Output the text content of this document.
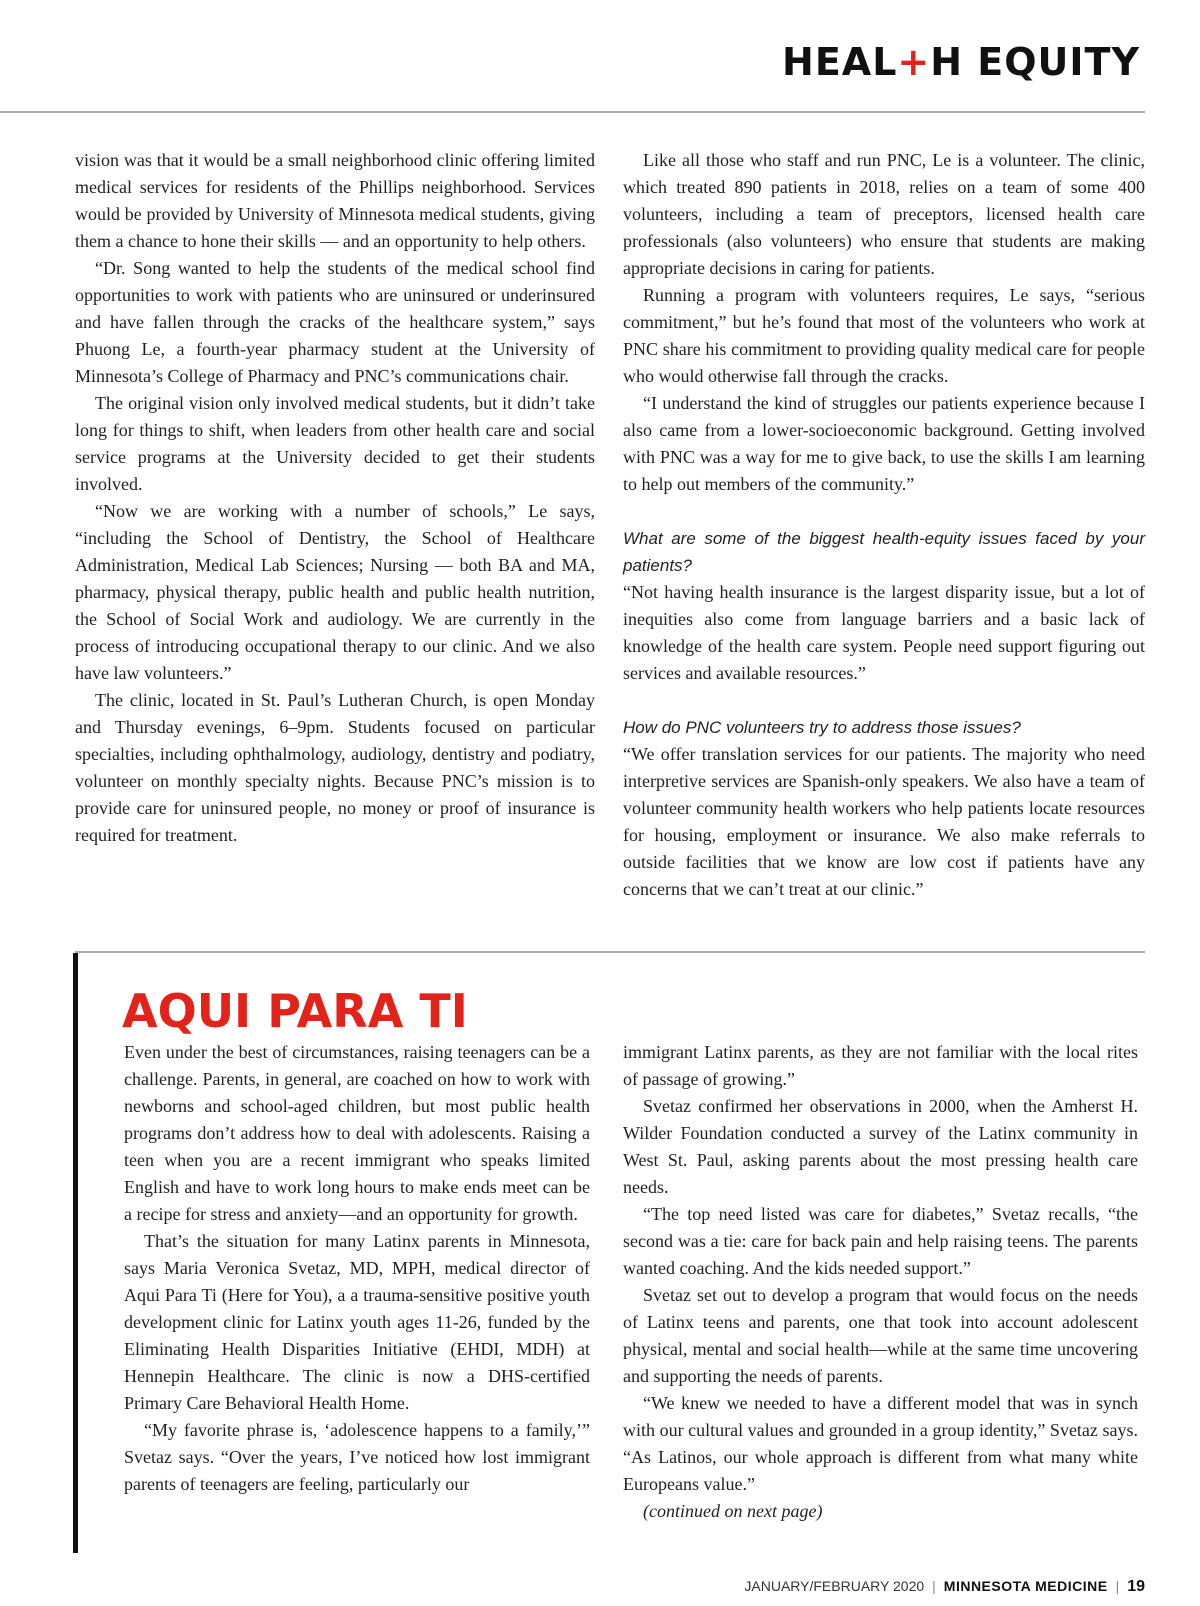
HEAL+H EQUITY

vision was that it would be a small neighborhood clinic offering limited medical services for residents of the Phillips neighborhood. Services would be provided by University of Minnesota medical students, giving them a chance to hone their skills — and an opportunity to help others.

“Dr. Song wanted to help the students of the medical school find opportunities to work with patients who are uninsured or underinsured and have fallen through the cracks of the healthcare system,” says Phuong Le, a fourth-year pharmacy student at the University of Minnesota’s College of Pharmacy and PNC’s communications chair.

The original vision only involved medical students, but it didn’t take long for things to shift, when leaders from other health care and social service programs at the University decided to get their students involved.

“Now we are working with a number of schools,” Le says, “including the School of Dentistry, the School of Healthcare Administration, Medical Lab Sciences; Nursing — both BA and MA, pharmacy, physical therapy, public health and public health nutrition, the School of Social Work and audiology. We are currently in the process of introducing occupational therapy to our clinic. And we also have law volunteers.”

The clinic, located in St. Paul’s Lutheran Church, is open Monday and Thursday evenings, 6–9pm. Students focused on particular specialties, including ophthalmology, audiology, dentistry and podiatry, volunteer on monthly specialty nights. Because PNC’s mission is to provide care for uninsured people, no money or proof of insurance is required for treatment.

Like all those who staff and run PNC, Le is a volunteer. The clinic, which treated 890 patients in 2018, relies on a team of some 400 volunteers, including a team of preceptors, licensed health care professionals (also volunteers) who ensure that students are making appropriate decisions in caring for patients.

Running a program with volunteers requires, Le says, “serious commitment,” but he’s found that most of the volunteers who work at PNC share his commitment to providing quality medical care for people who would otherwise fall through the cracks.

“I understand the kind of struggles our patients experience because I also came from a lower-socioeconomic background. Getting involved with PNC was a way for me to give back, to use the skills I am learning to help out members of the community.”

What are some of the biggest health-equity issues faced by your patients?

“Not having health insurance is the largest disparity issue, but a lot of inequities also come from language barriers and a basic lack of knowledge of the health care system. People need support figuring out services and available resources.”

How do PNC volunteers try to address those issues?

“We offer translation services for our patients. The majority who need interpretive services are Spanish-only speakers. We also have a team of volunteer community health workers who help patients locate resources for housing, employment or insurance. We also make referrals to outside facilities that we know are low cost if patients have any concerns that we can’t treat at our clinic.”

AQUI PARA TI

Even under the best of circumstances, raising teenagers can be a challenge. Parents, in general, are coached on how to work with newborns and school-aged children, but most public health programs don’t address how to deal with adolescents. Raising a teen when you are a recent immigrant who speaks limited English and have to work long hours to make ends meet can be a recipe for stress and anxiety—and an opportunity for growth.

That’s the situation for many Latinx parents in Minnesota, says Maria Veronica Svetaz, MD, MPH, medical director of Aqui Para Ti (Here for You), a a trauma-sensitive positive youth development clinic for Latinx youth ages 11-26, funded by the Eliminating Health Disparities Initiative (EHDI, MDH) at Hennepin Healthcare. The clinic is now a DHS-certified Primary Care Behavioral Health Home.

“My favorite phrase is, ‘adolescence happens to a family,’” Svetaz says. “Over the years, I’ve noticed how lost immigrant parents of teenagers are feeling, particularly our

immigrant Latinx parents, as they are not familiar with the local rites of passage of growing.”

Svetaz confirmed her observations in 2000, when the Amherst H. Wilder Foundation conducted a survey of the Latinx community in West St. Paul, asking parents about the most pressing health care needs.

“The top need listed was care for diabetes,” Svetaz recalls, “the second was a tie: care for back pain and help raising teens. The parents wanted coaching. And the kids needed support.”

Svetaz set out to develop a program that would focus on the needs of Latinx teens and parents, one that took into account adolescent physical, mental and social health—while at the same time uncovering and supporting the needs of parents.

“We knew we needed to have a different model that was in synch with our cultural values and grounded in a group identity,” Svetaz says. “As Latinos, our whole approach is different from what many white Europeans value.”

(continued on next page)

JANUARY/FEBRUARY 2020 | MINNESOTA MEDICINE | 19
